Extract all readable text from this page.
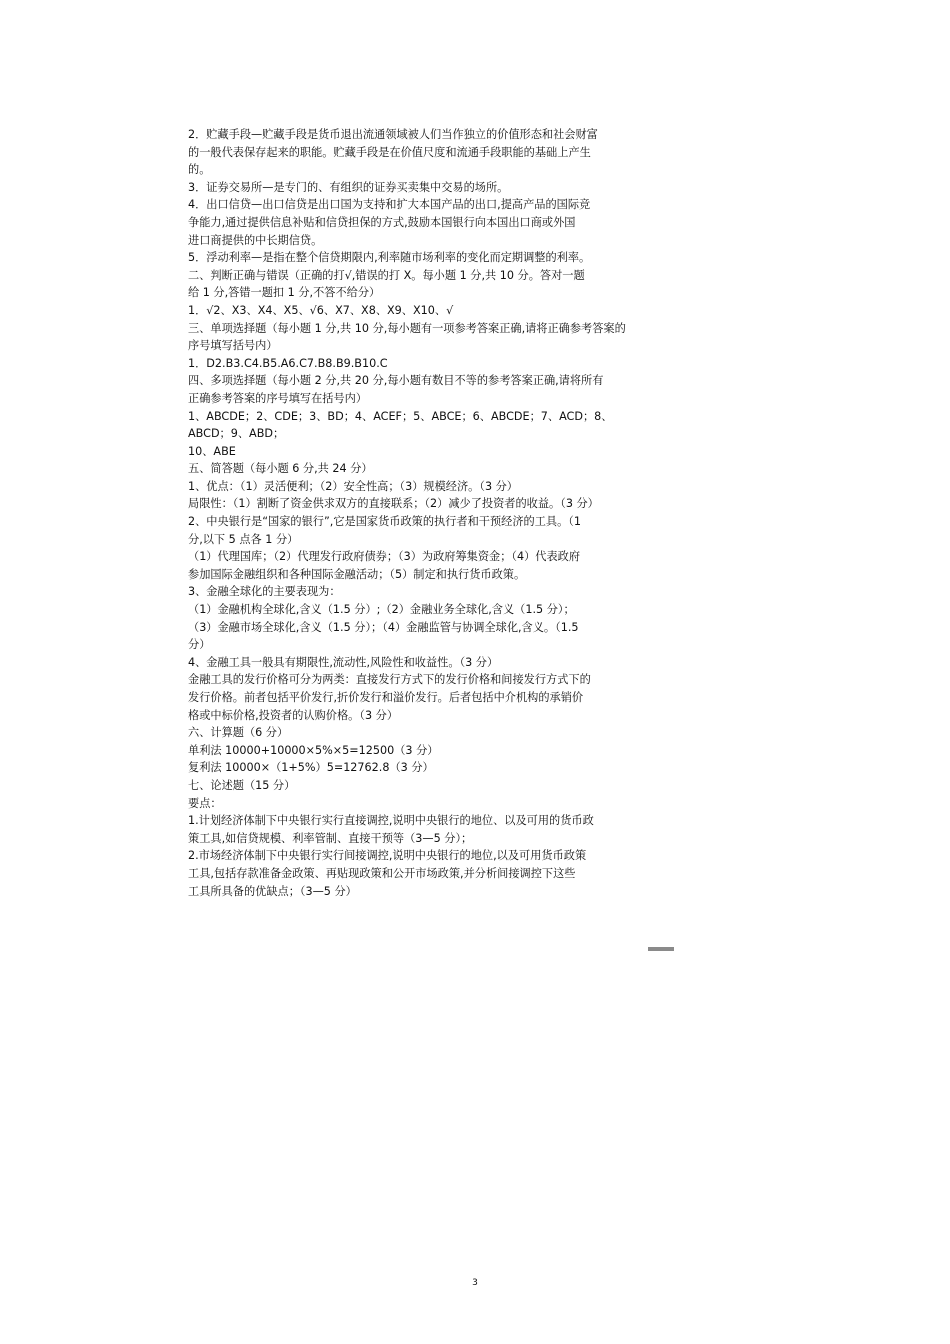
2．贮藏手段—贮藏手段是货币退出流通领域被人们当作独立的价值形态和社会财富
的一般代表保存起来的职能。贮藏手段是在价值尺度和流通手段职能的基础上产生
的。
3．证券交易所—是专门的、有组织的证券买卖集中交易的场所。
4．出口信贷—出口信贷是出口国为支持和扩大本国产品的出口,提高产品的国际竞
争能力,通过提供信息补贴和信贷担保的方式,鼓励本国银行向本国出口商或外国
进口商提供的中长期信贷。
5．浮动利率—是指在整个信贷期限内,利率随市场利率的变化而定期调整的利率。
二、判断正确与错误（正确的打√,错误的打 X。每小题 1 分,共 10 分。答对一题
给 1 分,答错一题扣 1 分,不答不给分）
1．√2、X3、X4、X5、√6、X7、X8、X9、X10、√
三、单项选择题（每小题 1 分,共 10 分,每小题有一项参考答案正确,请将正确参考答案的
序号填写括号内）
1．D2.B3.C4.B5.A6.C7.B8.B9.B10.C
四、多项选择题（每小题 2 分,共 20 分,每小题有数目不等的参考答案正确,请将所有
正确参考答案的序号填写在括号内）
1、ABCDE；2、CDE；3、BD；4、ACEF；5、ABCE；6、ABCDE；7、ACD；8、
ABCD；9、ABD；
10、ABE
五、简答题（每小题 6 分,共 24 分）
1、优点：（1）灵活便利；（2）安全性高；（3）规模经济。（3 分）
局限性：（1）割断了资金供求双方的直接联系；（2）减少了投资者的收益。（3 分）
2、中央银行是“国家的银行”,它是国家货币政策的执行者和干预经济的工具。（1
分,以下 5 点各 1 分）
（1）代理国库；（2）代理发行政府债券；（3）为政府筹集资金；（4）代表政府
参加国际金融组织和各种国际金融活动；（5）制定和执行货币政策。
3、金融全球化的主要表现为：
（1）金融机构全球化,含义（1.5 分）;（2）金融业务全球化,含义（1.5 分）；
（3）金融市场全球化,含义（1.5 分）；（4）金融监管与协调全球化,含义。（1.5
分）
4、金融工具一般具有期限性,流动性,风险性和收益性。（3 分）
金融工具的发行价格可分为两类：直接发行方式下的发行价格和间接发行方式下的
发行价格。前者包括平价发行,折价发行和溢价发行。后者包括中介机构的承销价
格或中标价格,投资者的认购价格。（3 分）
六、计算题（6 分）
单利法 10000+10000×5%×5=12500（3 分）
复利法 10000×（1+5%）5=12762.8（3 分）
七、论述题（15 分）
要点：
1.计划经济体制下中央银行实行直接调控,说明中央银行的地位、以及可用的货币政
策工具,如信贷规模、利率管制、直接干预等（3—5 分）；
2.市场经济体制下中央银行实行间接调控,说明中央银行的地位,以及可用货币政策
工具,包括存款准备金政策、再贴现政策和公开市场政策,并分析间接调控下这些
工具所具备的优缺点；（3—5 分）
3
